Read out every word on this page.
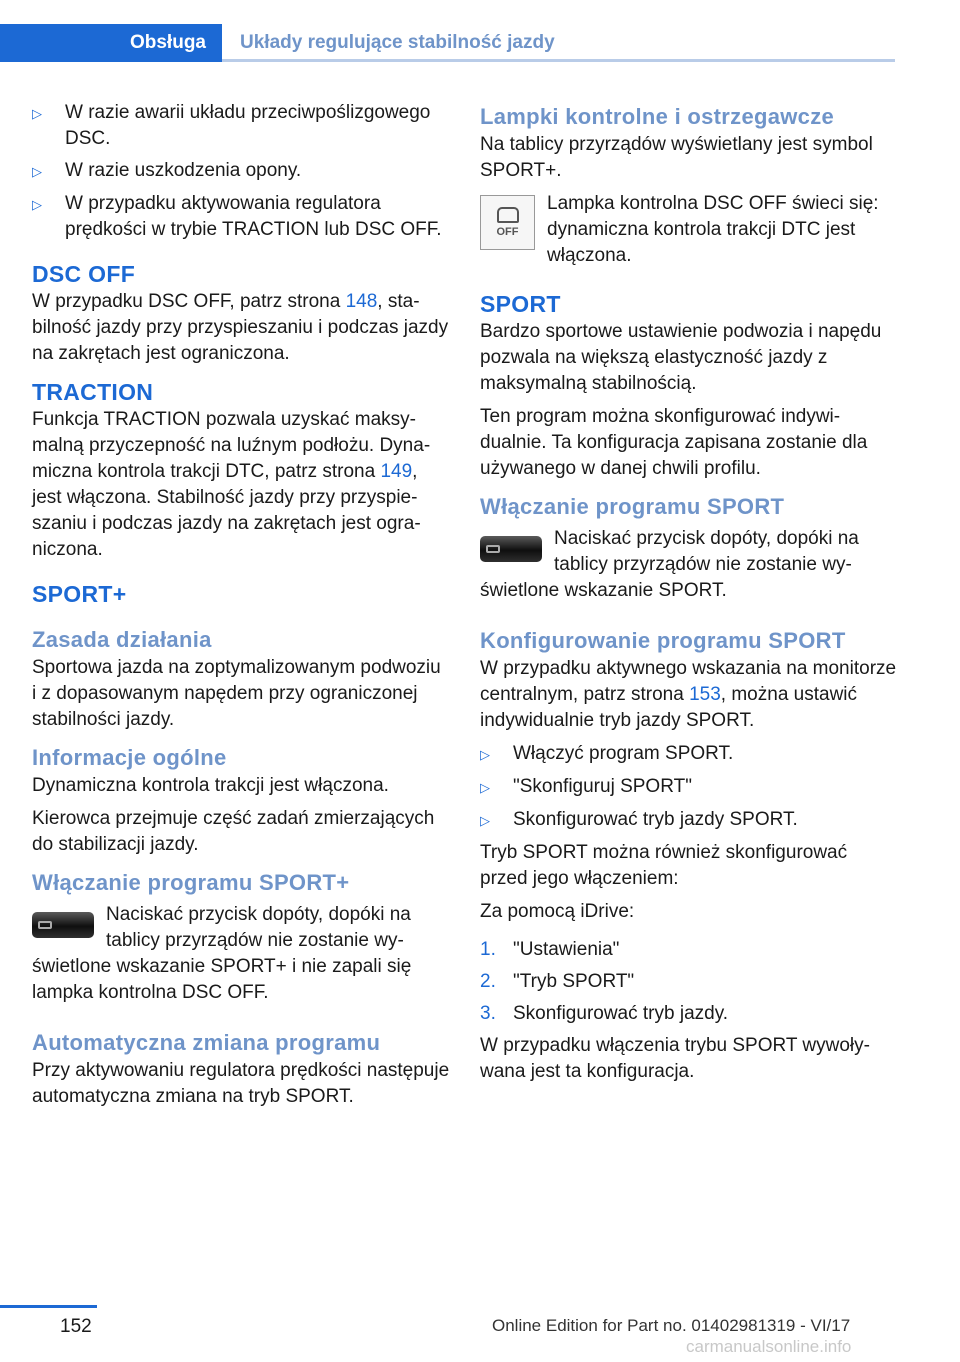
Obsługa	Układy regulujące stabilność jazdy
▷	W razie awarii układu przeciwpoślizgowego DSC.
▷	W razie uszkodzenia opony.
▷	W przypadku aktywowania regulatora prędkości w trybie TRACTION lub DSC OFF.
DSC OFF

W przypadku DSC OFF, patrz strona 148, stabilność jazdy przy przyspieszaniu i podczas jazdy na zakrętach jest ograniczona.

TRACTION

Funkcja TRACTION pozwala uzyskać maksymalną przyczepność na luźnym podłożu. Dynamiczna kontrola trakcji DTC, patrz strona 149, jest włączona. Stabilność jazdy przy przyspieszaniu i podczas jazdy na zakrętach jest ograniczona.

SPORT+
Zasada działania

Sportowa jazda na zoptymalizowanym podwoziu i z dopasowanym napędem przy ograniczonej stabilności jazdy.

Informacje ogólne

Dynamiczna kontrola trakcji jest włączona.

Kierowca przejmuje część zadań zmierzających do stabilizacji jazdy.

Włączanie programu SPORT+
Naciskać przycisk dopóty, dopóki na tablicy przyrządów nie zostanie wyświetlone wskazanie SPORT+ i nie zapali się lampka kontrolna DSC OFF.
Automatyczna zmiana programu

Przy aktywowaniu regulatora prędkości następuje automatyczna zmiana na tryb SPORT.

Lampki kontrolne i ostrzegawcze

Na tablicy przyrządów wyświetlany jest symbol SPORT+.

OFF
Lampka kontrolna DSC OFF świeci się: dynamiczna kontrola trakcji DTC jest włączona.
SPORT

Bardzo sportowe ustawienie podwozia i napędu pozwala na większą elastyczność jazdy z maksymalną stabilnością.

Ten program można skonfigurować indywidualnie. Ta konfiguracja zapisana zostanie dla używanego w danej chwili profilu.

Włączanie programu SPORT
Naciskać przycisk dopóty, dopóki na tablicy przyrządów nie zostanie wyświetlone wskazanie SPORT.
Konfigurowanie programu SPORT

W przypadku aktywnego wskazania na monitorze centralnym, patrz strona 153, można ustawić indywidualnie tryb jazdy SPORT.

▷	Włączyć program SPORT.
▷	"Skonfiguruj SPORT"
▷	Skonfigurować tryb jazdy SPORT.

Tryb SPORT można również skonfigurować przed jego włączeniem:

Za pomocą iDrive:

1. "Ustawienia"
2. "Tryb SPORT"
3. Skonfigurować tryb jazdy.

W przypadku włączenia trybu SPORT wywoływana jest ta konfiguracja.

152	Online Edition for Part no. 01402981319 - VI/17
carmanualsonline.info
